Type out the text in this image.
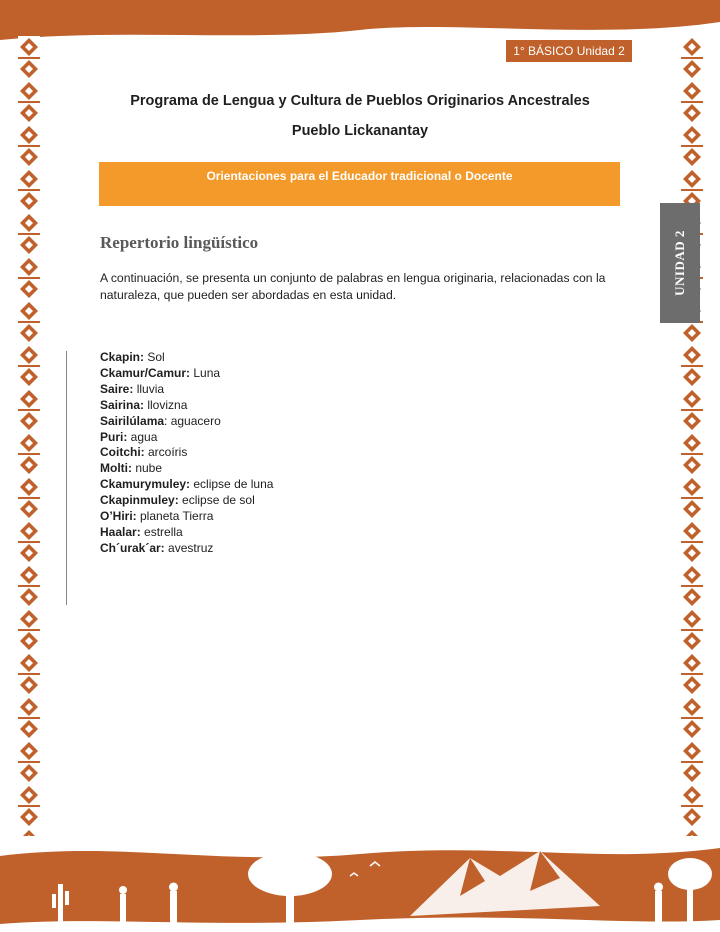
1° BÁSICO Unidad 2
UNIDAD 2
Programa de Lengua y Cultura de Pueblos Originarios Ancestrales
Pueblo Lickanantay
Orientaciones para el Educador tradicional o Docente
Repertorio lingüístico
A continuación, se presenta un conjunto de palabras en lengua originaria, relacionadas con la naturaleza, que pueden ser abordadas en esta unidad.
Ckapin: Sol
Ckamur/Camur: Luna
Saire: lluvia
Sairina: llovizna
Sairilúlama: aguacero
Puri: agua
Coitchi: arcoíris
Molti: nube
Ckamurymuley: eclipse de luna
Ckapinmuley: eclipse de sol
O’Hiri: planeta Tierra
Haalar: estrella
Ch´urak´ar: avestruz
